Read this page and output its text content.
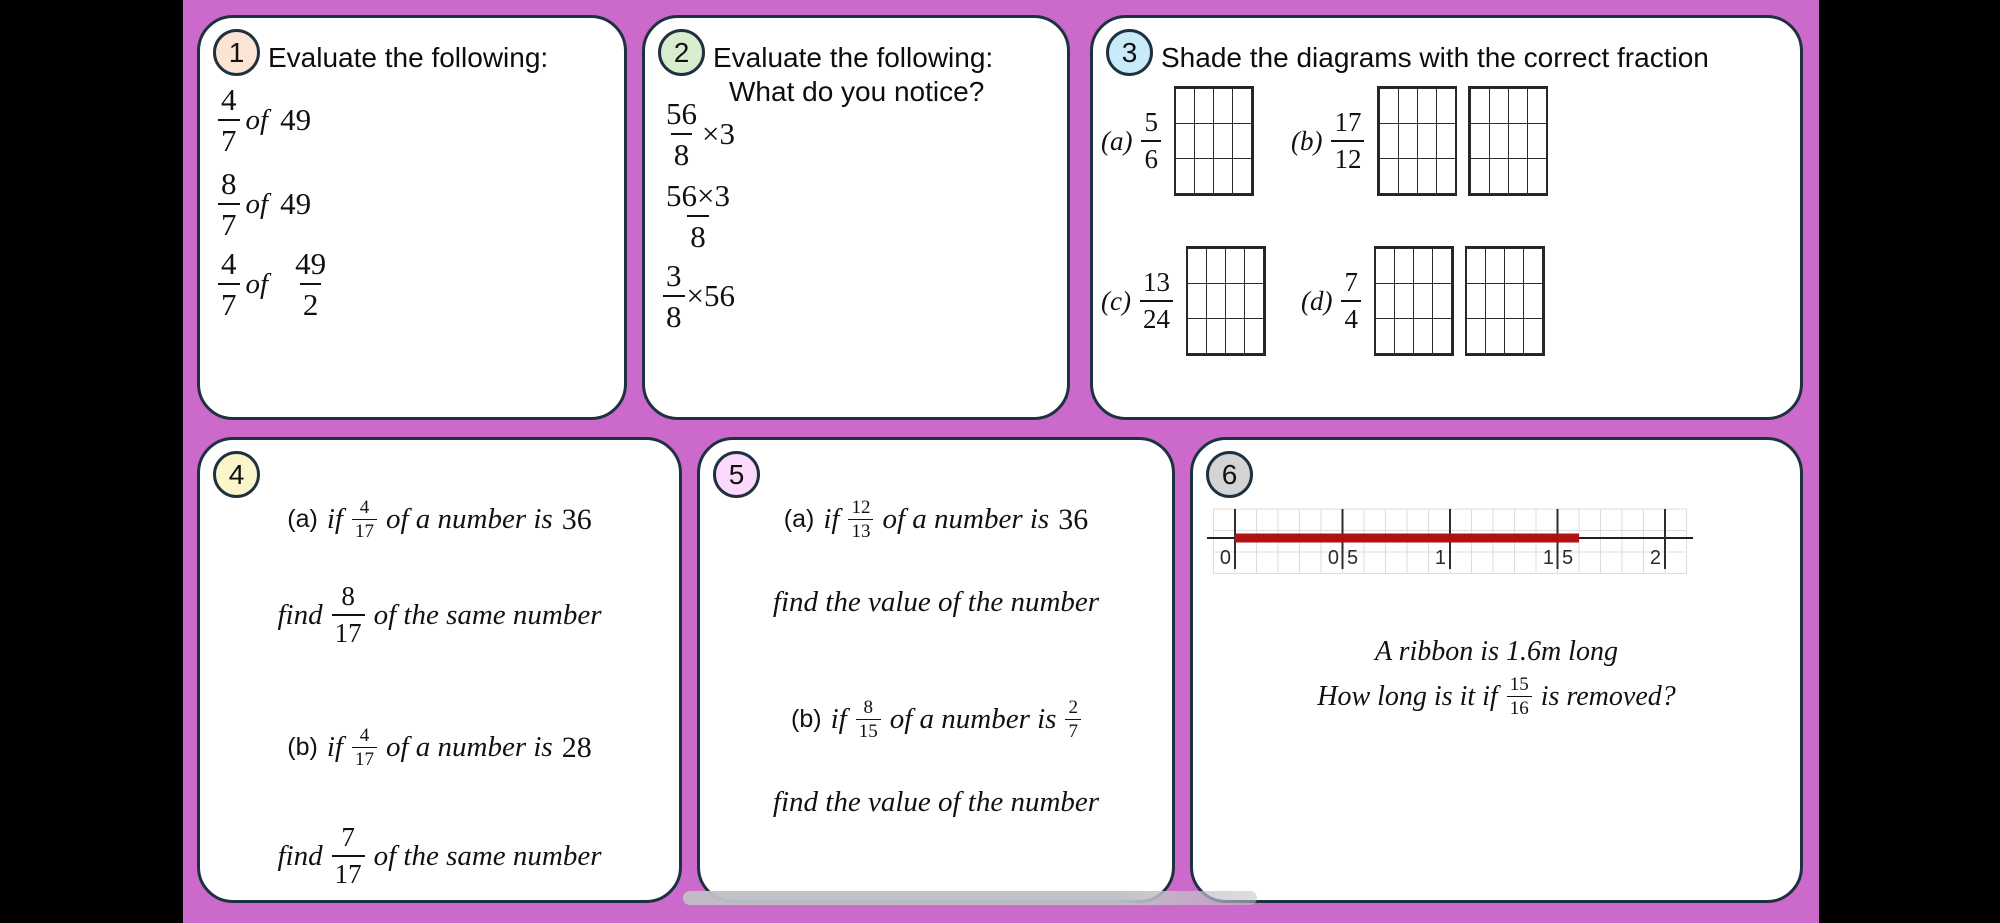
1 Evaluate the following:
4
7
of 49
8
7
of 49
4
7
of
49
2
2 Evaluate the following:
What do you notice?
$\frac{56}{8} \times 3$
56×3
8
$\frac{3}{8} \times 56$
3 Shade the diagrams with the correct fraction
(a)
5
6
(b)
17
12
(c)
13
24
(d)
7
4
4
(a) if 4
17 of a number is 36
find
8
17
of the same number
(b) if 4
17 of a number is 28
find
7
17
of the same number
5
(a) if 12
13 of a number is 36
find the value of the number
(b) if 8
15 of a number is 2
7
find the value of the number
6
0	0 5	1	1 5	2
A ribbon is 1.6m long
How long is it if 15
16 is removed?
